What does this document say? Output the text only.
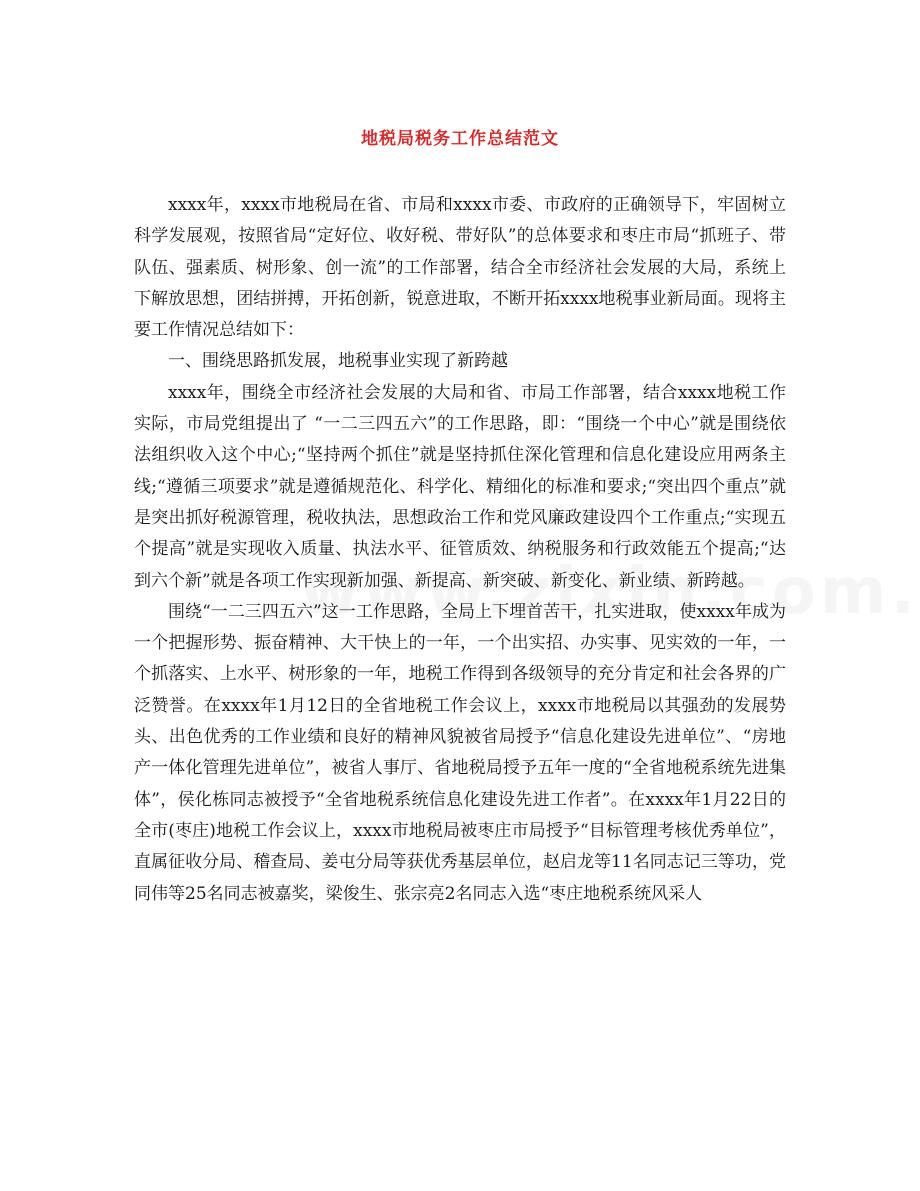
地税局税务工作总结范文

xxxx年，xxxx市地税局在省、市局和xxxx市委、市政府的正确领导下，牢固树立科学发展观，按照省局“定好位、收好税、带好队”的总体要求和枣庄市局“抓班子、带队伍、强素质、树形象、创一流”的工作部署，结合全市经济社会发展的大局，系统上下解放思想，团结拼搏，开拓创新，锐意进取，不断开拓xxxx地税事业新局面。现将主要工作情况总结如下：

一、围绕思路抓发展，地税事业实现了新跨越

xxxx年，围绕全市经济社会发展的大局和省、市局工作部署，结合xxxx地税工作实际，市局党组提出了 “一二三四五六”的工作思路，即：“围绕一个中心”就是围绕依法组织收入这个中心;“坚持两个抓住”就是坚持抓住深化管理和信息化建设应用两条主线;“遵循三项要求”就是遵循规范化、科学化、精细化的标准和要求;“突出四个重点”就是突出抓好税源管理，税收执法，思想政治工作和党风廉政建设四个工作重点;“实现五个提高”就是实现收入质量、执法水平、征管质效、纳税服务和行政效能五个提高;“达到六个新”就是各项工作实现新加强、新提高、新突破、新变化、新业绩、新跨越。

围绕“一二三四五六”这一工作思路，全局上下埋首苦干，扎实进取，使xxxx年成为一个把握形势、振奋精神、大干快上的一年，一个出实招、办实事、见实效的一年，一个抓落实、上水平、树形象的一年，地税工作得到各级领导的充分肯定和社会各界的广泛赞誉。在xxxx年1月12日的全省地税工作会议上，xxxx市地税局以其强劲的发展势头、出色优秀的工作业绩和良好的精神风貌被省局授予“信息化建设先进单位”、“房地产一体化管理先进单位”，被省人事厅、省地税局授予五年一度的“全省地税系统先进集体”，侯化栋同志被授予“全省地税系统信息化建设先进工作者”。在xxxx年1月22日的全市(枣庄)地税工作会议上，xxxx市地税局被枣庄市局授予“目标管理考核优秀单位”，直属征收分局、稽查局、姜屯分局等获优秀基层单位，赵启龙等11名同志记三等功，党同伟等25名同志被嘉奖，梁俊生、张宗亮2名同志入选“枣庄地税系统风采人
